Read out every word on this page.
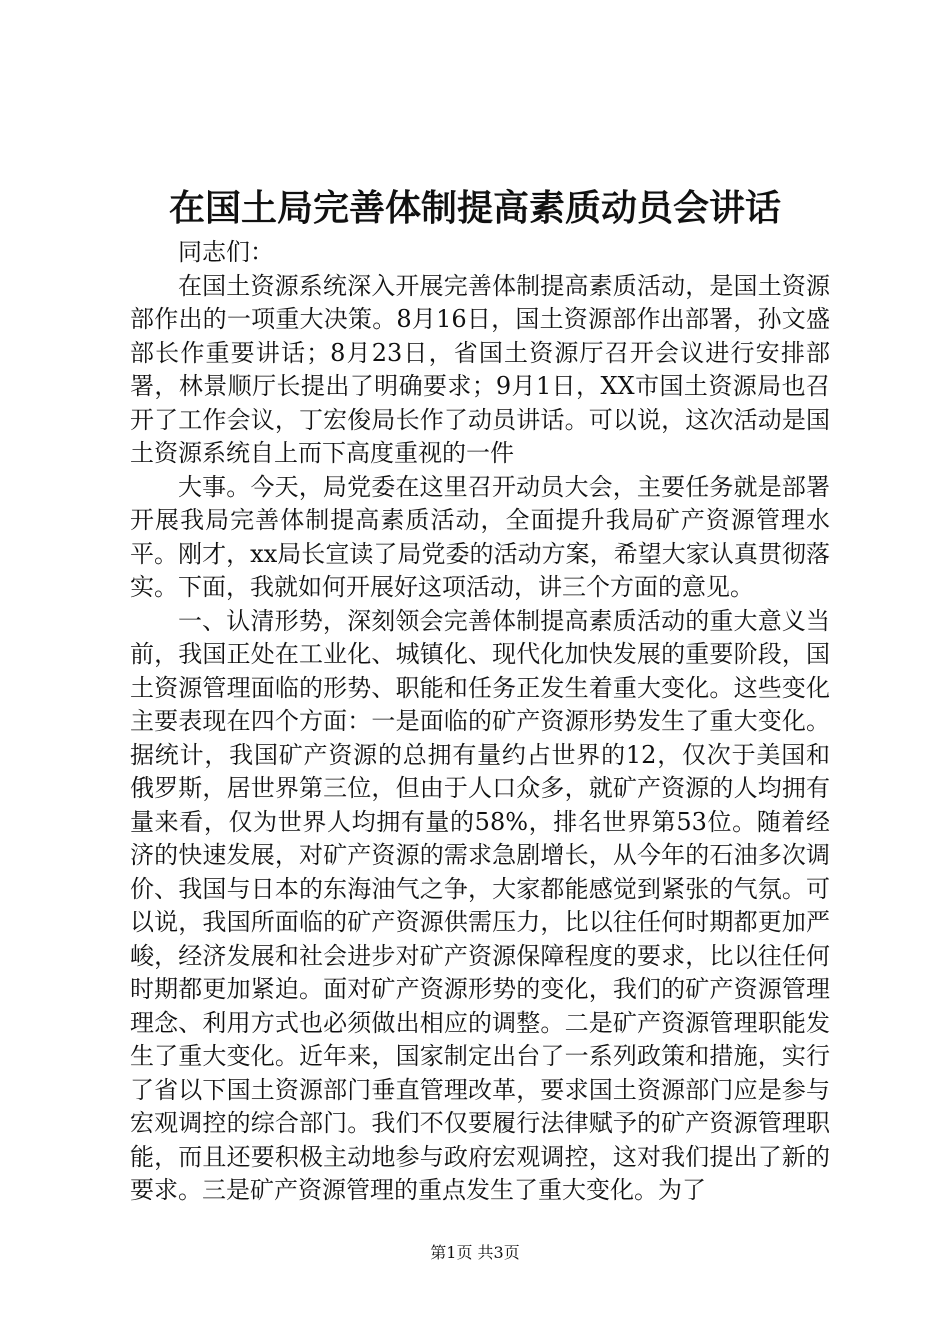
在国土局完善体制提高素质动员会讲话

同志们：

在国土资源系统深入开展完善体制提高素质活动，是国土资源部作出的一项重大决策。8月16日，国土资源部作出部署，孙文盛部长作重要讲话；8月23日，省国土资源厅召开会议进行安排部署，林景顺厅长提出了明确要求；9月1日，XX市国土资源局也召开了工作会议，丁宏俊局长作了动员讲话。可以说，这次活动是国土资源系统自上而下高度重视的一件

大事。今天，局党委在这里召开动员大会，主要任务就是部署开展我局完善体制提高素质活动，全面提升我局矿产资源管理水平。刚才，xx局长宣读了局党委的活动方案，希望大家认真贯彻落实。下面，我就如何开展好这项活动，讲三个方面的意见。

一、认清形势，深刻领会完善体制提高素质活动的重大意义当前，我国正处在工业化、城镇化、现代化加快发展的重要阶段，国土资源管理面临的形势、职能和任务正发生着重大变化。这些变化主要表现在四个方面：一是面临的矿产资源形势发生了重大变化。据统计，我国矿产资源的总拥有量约占世界的12，仅次于美国和俄罗斯，居世界第三位，但由于人口众多，就矿产资源的人均拥有量来看，仅为世界人均拥有量的58%，排名世界第53位。随着经济的快速发展，对矿产资源的需求急剧增长，从今年的石油多次调价、我国与日本的东海油气之争，大家都能感觉到紧张的气氛。可以说，我国所面临的矿产资源供需压力，比以往任何时期都更加严峻，经济发展和社会进步对矿产资源保障程度的要求，比以往任何时期都更加紧迫。面对矿产资源形势的变化，我们的矿产资源管理理念、利用方式也必须做出相应的调整。二是矿产资源管理职能发生了重大变化。近年来，国家制定出台了一系列政策和措施，实行了省以下国土资源部门垂直管理改革，要求国土资源部门应是参与宏观调控的综合部门。我们不仅要履行法律赋予的矿产资源管理职能，而且还要积极主动地参与政府宏观调控，这对我们提出了新的要求。三是矿产资源管理的重点发生了重大变化。为了

第1页 共3页
